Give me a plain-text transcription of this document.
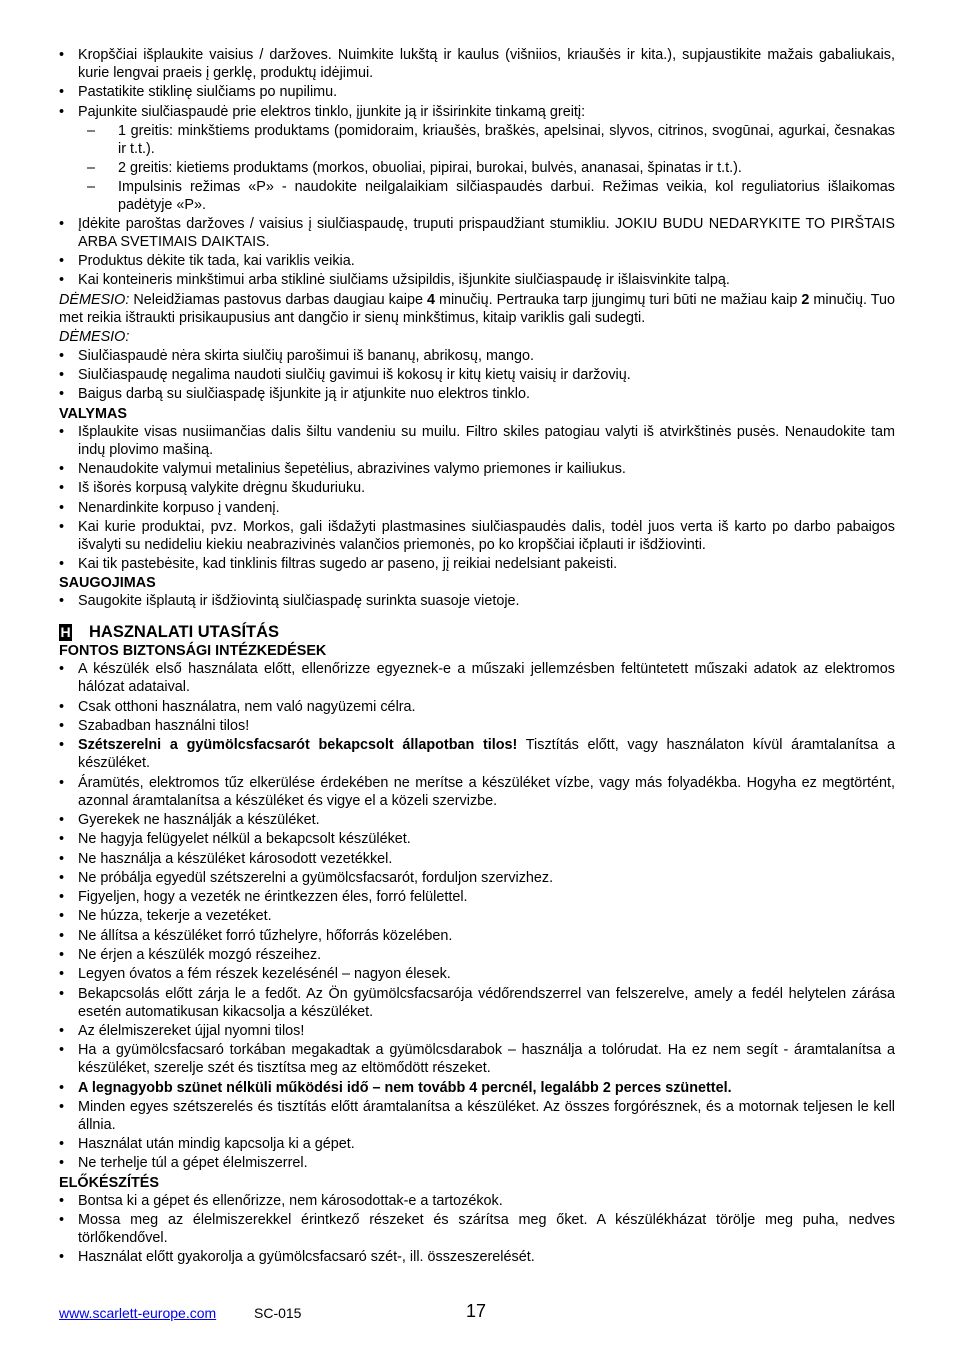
• Kropščiai išplaukite vaisius / daržoves. Nuimkite lukštą ir kaulus (višniios, kriaušės ir kita.), supjaustikite mažais gabaliukais, kurie lengvai praeis į gerklę, produktų idėjimui.
• Pastatikite stiklinę siulčiams po nupilimu.
• Pajunkite siulčiaspaudė prie elektros tinklo, įjunkite ją ir išsirinkite tinkamą greitį:
– 1 greitis: minkštiems produktams (pomidoraim, kriaušės, braškės, apelsinai, slyvos, citrinos, svogūnai, agurkai, česnakas ir t.t.).
– 2 greitis: kietiems produktams (morkos, obuoliai, pipirai, burokai, bulvės, ananasai, špinatas ir t.t.).
– Impulsinis režimas «P» - naudokite neilgalaikiam silčiaspaudės darbui. Režimas veikia, kol reguliatorius išlaikomas padėtyje «P».
• Įdėkite paroštas daržoves / vaisius į siulčiaspaudę, truputi prispaudžiant stumikliu. JOKIU BUDU NEDARYKITE TO PIRŠTAIS ARBA SVETIMAIS DAIKTAIS.
• Produktus dėkite tik tada, kai variklis veikia.
• Kai konteineris minkštimui arba stiklinė siulčiams užsipildis, išjunkite siulčiaspaudę ir išlaisvinkite talpą.

DĖMESIO: Neleidžiamas pastovus darbas daugiau kaipe 4 minučių. Pertrauka tarp įjungimų turi būti ne mažiau kaip 2 minučių. Tuo met reikia ištraukti prisikaupusius ant dangčio ir sienų minkštimus, kitaip variklis gali sudegti.

DĖMESIO:

• Siulčiaspaudė nėra skirta siulčių parošimui iš bananų, abrikosų, mango.
• Siulčiaspaudę negalima naudoti siulčių gavimui iš kokosų ir kitų kietų vaisių ir daržovių.
• Baigus darbą su siulčiaspadę išjunkite ją ir atjunkite nuo elektros tinklo.
VALYMAS
• Išplaukite visas nusiimančias dalis šiltu vandeniu su muilu. Filtro skiles patogiau valyti iš atvirkštinės pusės. Nenaudokite tam indų plovimo mašiną.
• Nenaudokite valymui metalinius šepetėlius, abrazivines valymo priemones ir kailiukus.
• Iš išorės korpusą valykite drėgnu škuduriuku.
• Nenardinkite korpuso į vandenį.
• Kai kurie produktai, pvz. Morkos, gali išdažyti plastmasines siulčiaspaudės dalis, todėl juos verta iš karto po darbo pabaigos išvalyti su nedideliu kiekiu neabrazivinės valančios priemonės, po ko kropščiai ičplauti ir išdžiovinti.
• Kai tik pastebėsite, kad tinklinis filtras sugedo ar paseno, jį reikiai nedelsiant pakeisti.
SAUGOJIMAS
• Saugokite išplautą ir išdžiovintą siulčiaspadę surinkta suasoje vietoje.
H HASZNALATI UTASÍTÁS
FONTOS BIZTONSÁGI INTÉZKEDÉSEK
• A készülék első használata előtt, ellenőrizze egyeznek-e a műszaki jellemzésben feltüntetett műszaki adatok az elektromos hálózat adataival.
• Csak otthoni használatra, nem való nagyüzemi célra.
• Szabadban használni tilos!
• Szétszerelni a gyümölcsfacsarót bekapcsolt állapotban tilos! Tisztítás előtt, vagy használaton kívül áramtalanítsa a készüléket.
• Áramütés, elektromos tűz elkerülése érdekében ne merítse a készüléket vízbe, vagy más folyadékba. Hogyha ez megtörtént, azonnal áramtalanítsa a készüléket és vigye el a közeli szervizbe.
• Gyerekek ne használják a készüléket.
• Ne hagyja felügyelet nélkül a bekapcsolt készüléket.
• Ne használja a készüléket károsodott vezetékkel.
• Ne próbálja egyedül szétszerelni a gyümölcsfacsarót, forduljon szervizhez.
• Figyeljen, hogy a vezeték ne érintkezzen éles, forró felülettel.
• Ne húzza, tekerje a vezetéket.
• Ne állítsa a készüléket forró tűzhelyre, hőforrás közelében.
• Ne érjen a készülék mozgó részeihez.
• Legyen óvatos a fém részek kezelésénél – nagyon élesek.
• Bekapcsolás előtt zárja le a fedőt. Az Ön gyümölcsfacsarója védőrendszerrel van felszerelve, amely a fedél helytelen zárása esetén automatikusan kikacsolja a készüléket.
• Az élelmiszereket újjal nyomni tilos!
• Ha a gyümölcsfacsaró torkában megakadtak a gyümölcsdarabok – használja a tolórudat. Ha ez nem segít - áramtalanítsa a készüléket, szerelje szét és tisztítsa meg az eltömődött részeket.
• A legnagyobb szünet nélküli működési idő – nem tovább 4 percnél, legalább 2 perces szünettel.
• Minden egyes szétszerelés és tisztítás előtt áramtalanítsa a készüléket. Az összes forgórésznek, és a motornak teljesen le kell állnia.
• Használat után mindig kapcsolja ki a gépet.
• Ne terhelje túl a gépet élelmiszerrel.
ELŐKÉSZÍTÉS
• Bontsa ki a gépet és ellenőrizze, nem károsodottak-e a tartozékok.
• Mossa meg az élelmiszerekkel érintkező részeket és szárítsa meg őket. A készülékházat törölje meg puha, nedves törlőkendővel.
• Használat előtt gyakorolja a gyümölcsfacsaró szét-, ill. összeszerelését.
www.scarlett-europe.com	SC-015	17
